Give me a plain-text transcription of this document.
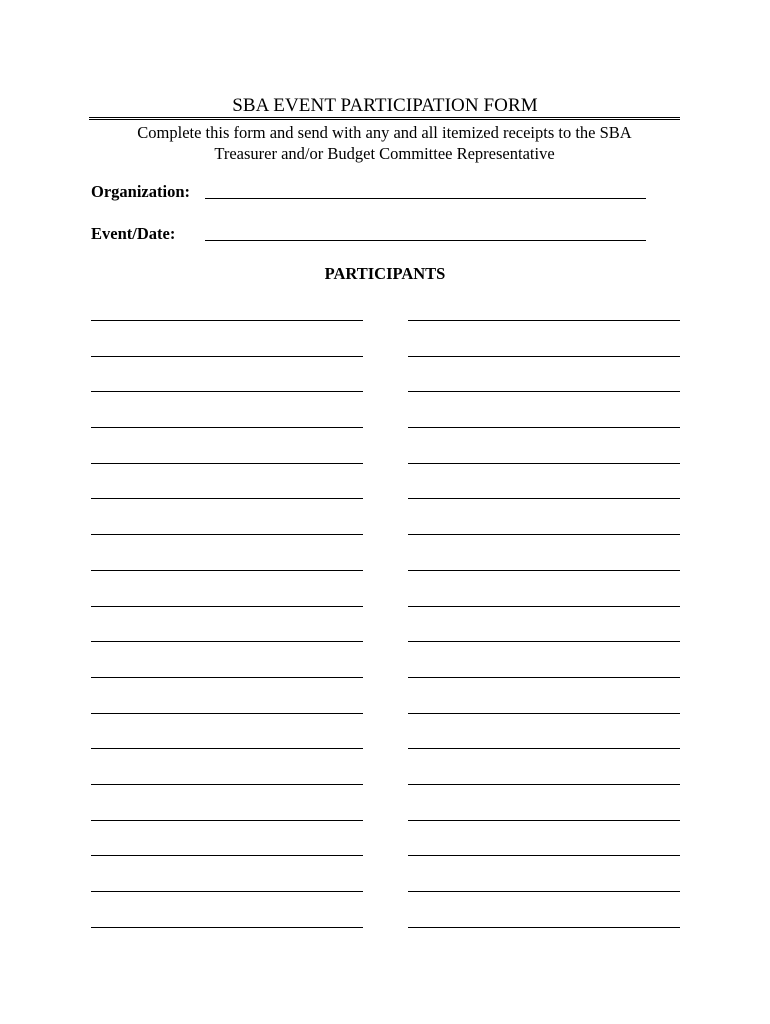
SBA EVENT PARTICIPATION FORM
Complete this form and send with any and all itemized receipts to the SBA
Treasurer and/or Budget Committee Representative
Organization:
Event/Date:
PARTICIPANTS
